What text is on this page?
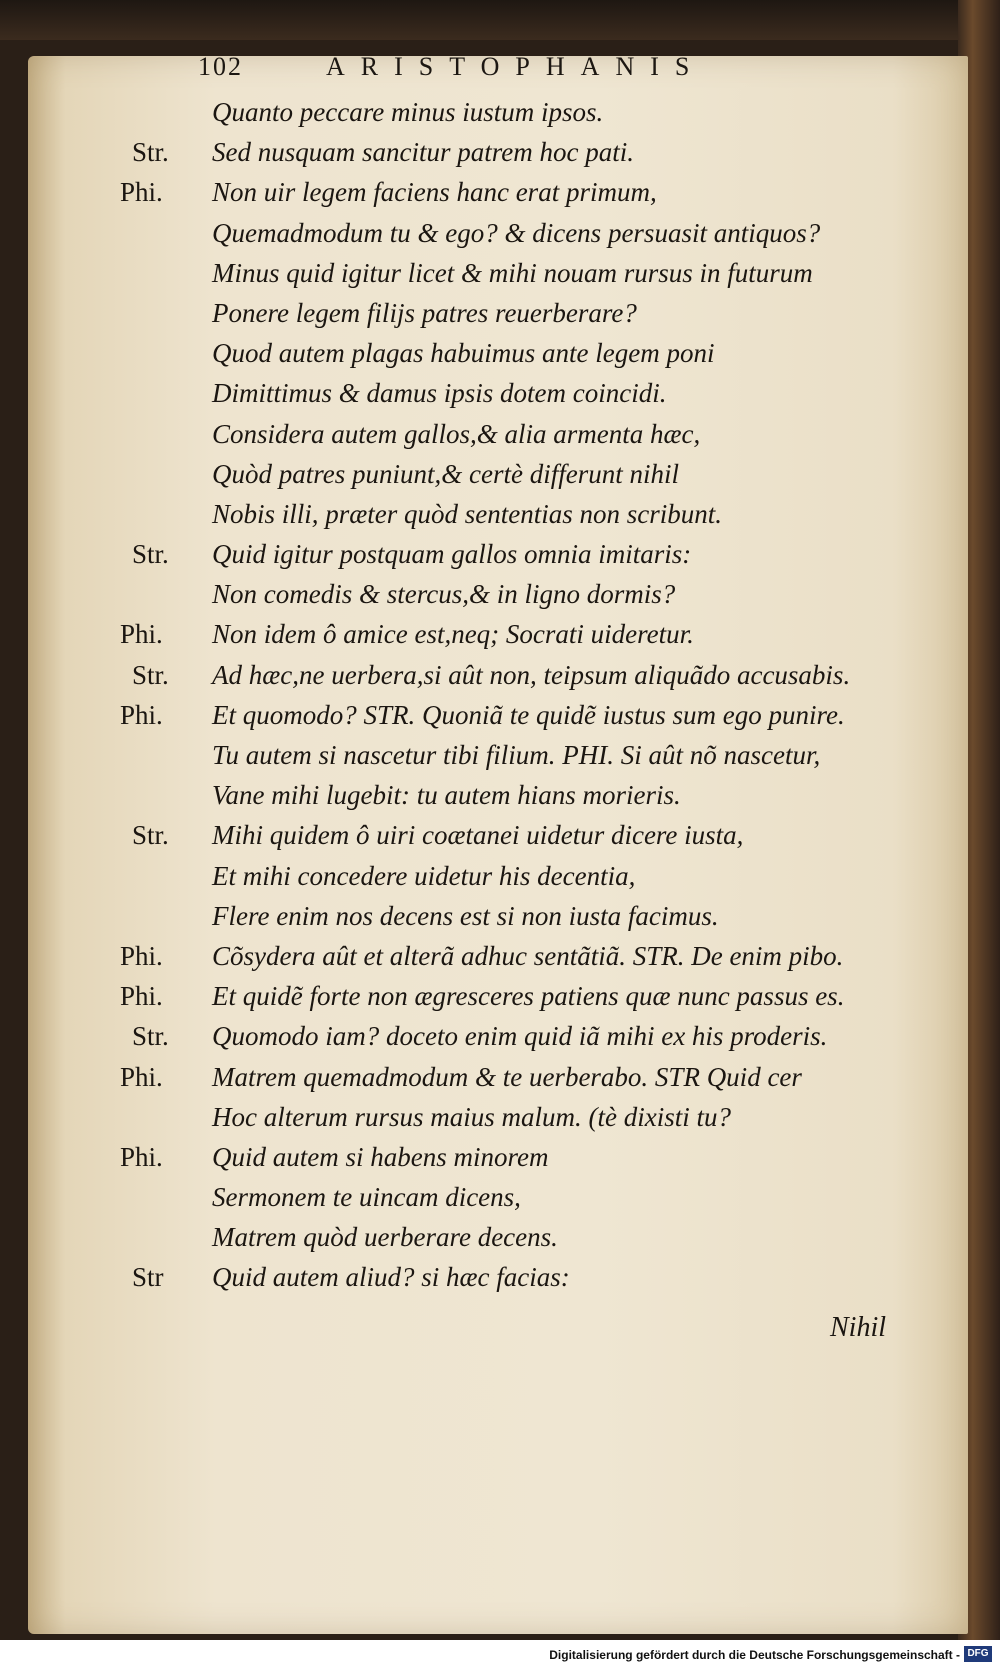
102	ARISTOPHANIS
Quanto peccare minus iustum ipsos.
Str.	Sed nusquam sancitur patrem hoc pati.
Phi.	Non uir legem faciens hanc erat primum,
Quemadmodum tu & ego? & dicens persuasit antiquos?
Minus quid igitur licet & mihi nouam rursus in futurum
Ponere legem filijs patres reuerberare?
Quod autem plagas habuimus ante legem poni
Dimittimus & damus ipsis dotem coincidi.
Considera autem gallos,& alia armenta hæc,
Quòd patres puniunt,& certè differunt nihil
Nobis illi, præter quòd sententias non scribunt.
Str.	Quid igitur postquam gallos omnia imitaris:
Non comedis & stercus,& in ligno dormis?
Phi.	Non idem ô amice est,neq; Socrati uideretur.
Str.	Ad hæc,ne uerbera,si aût non, teipsum aliquãdo accusabis.
Phi.	Et quomodo? STR. Quoniã te quidẽ iustus sum ego punire.
Tu autem si nascetur tibi filium. PHI. Si aût nõ nascetur,
Vane mihi lugebit: tu autem hians morieris.
Str.	Mihi quidem ô uiri coætanei uidetur dicere iusta,
Et mihi concedere uidetur his decentia,
Flere enim nos decens est si non iusta facimus.
Phi.	Cõsydera aût et alterã adhuc sentãtiã. STR. De enim pibo.
Phi.	Et quidẽ forte non ægresceres patiens quæ nunc passus es.
Str.	Quomodo iam? doceto enim quid iã mihi ex his proderis.
Phi.	Matrem quemadmodum & te uerberabo. STR Quid cer
Hoc alterum rursus maius malum. (tè dixisti tu?
Phi.	Quid autem si habens minorem
Sermonem te uincam dicens,
Matrem quòd uerberare decens.
Str	Quid autem aliud? si hæc facias:
Nihil
Digitalisierung gefördert durch die Deutsche Forschungsgemeinschaft - DFG
